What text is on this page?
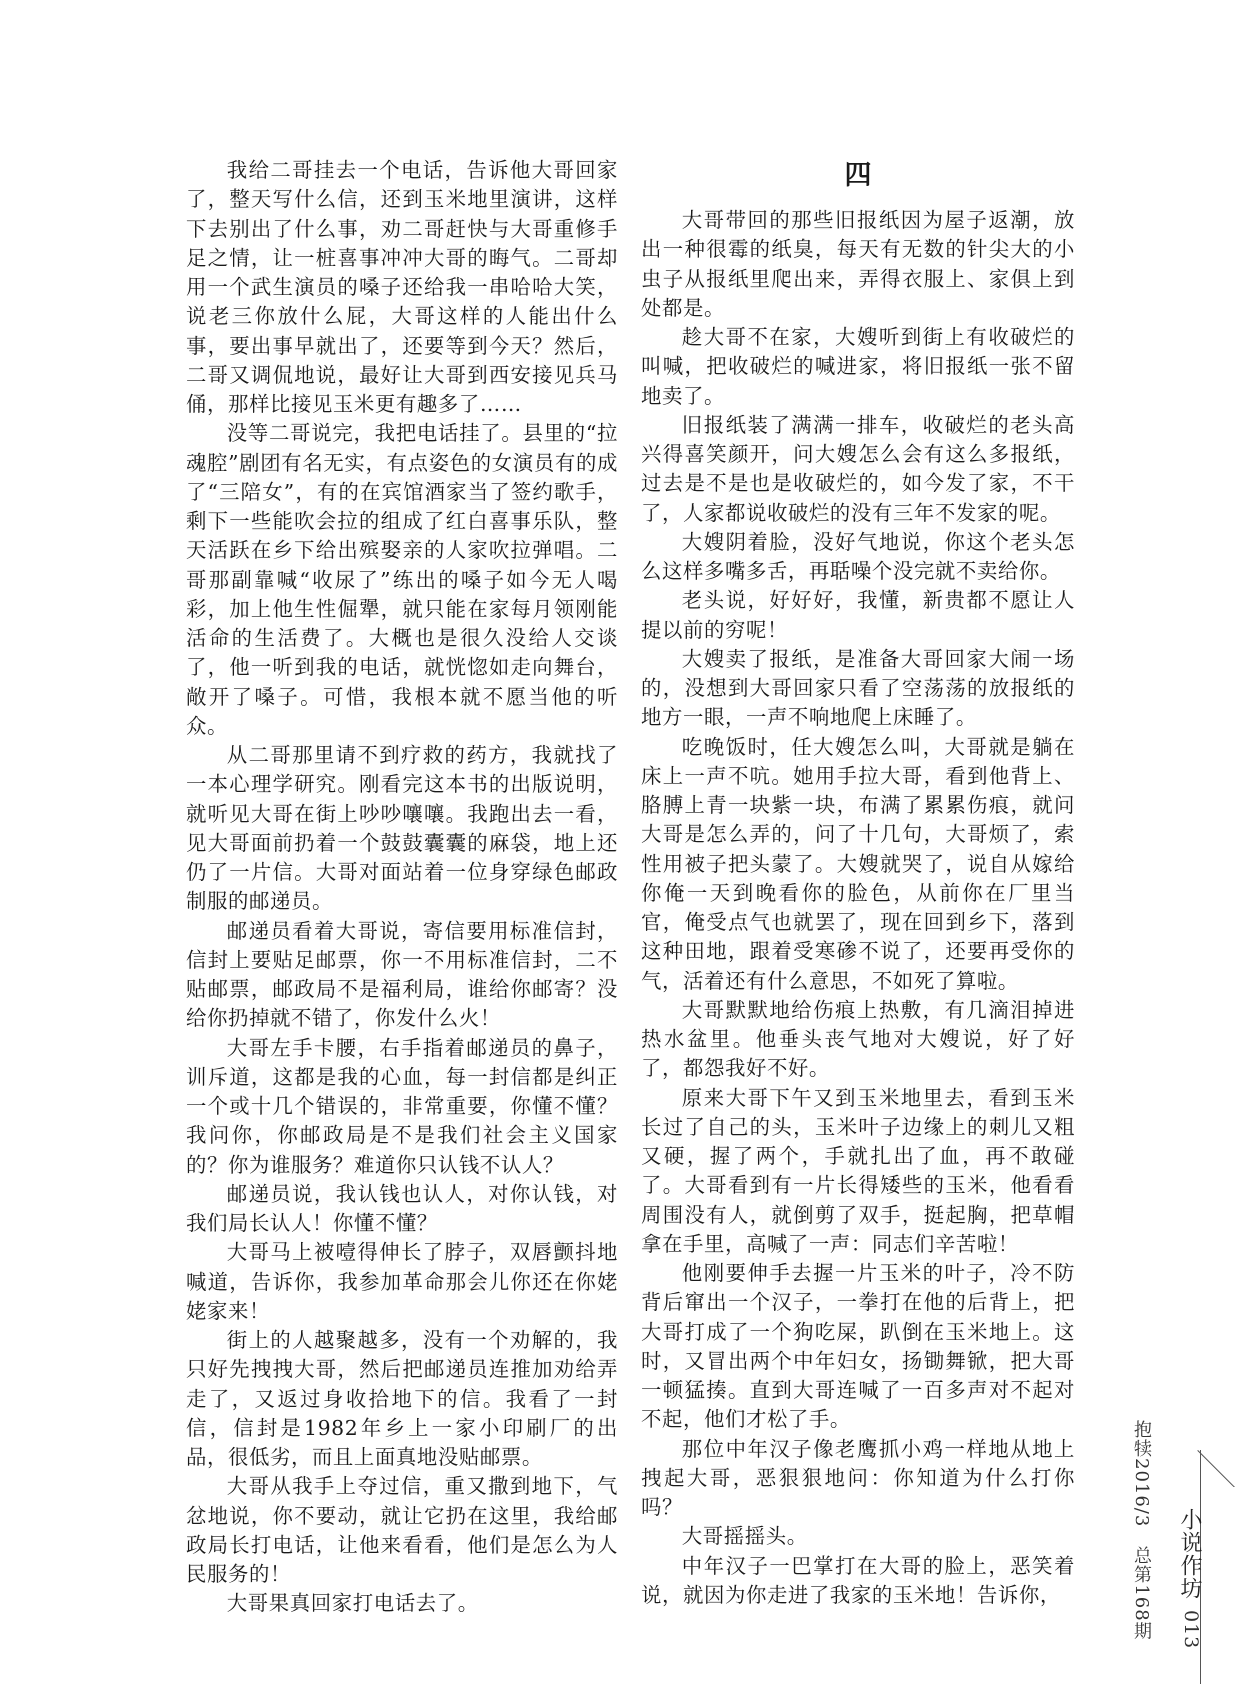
我给二哥挂去一个电话，告诉他大哥回家了，整天写什么信，还到玉米地里演讲，这样下去别出了什么事，劝二哥赶快与大哥重修手足之情，让一桩喜事冲冲大哥的晦气。二哥却用一个武生演员的嗓子还给我一串哈哈大笑，说老三你放什么屁，大哥这样的人能出什么事，要出事早就出了，还要等到今天？然后，二哥又调侃地说，最好让大哥到西安接见兵马俑，那样比接见玉米更有趣多了……

没等二哥说完，我把电话挂了。县里的“拉魂腔”剧团有名无实，有点姿色的女演员有的成了“三陪女”，有的在宾馆酒家当了签约歌手，剩下一些能吹会拉的组成了红白喜事乐队，整天活跃在乡下给出殡娶亲的人家吹拉弹唱。二哥那副靠喊“收尿了”练出的嗓子如今无人喝彩，加上他生性倔犟，就只能在家每月领刚能活命的生活费了。大概也是很久没给人交谈了，他一听到我的电话，就恍惚如走向舞台，敞开了嗓子。可惜，我根本就不愿当他的听众。

从二哥那里请不到疗救的药方，我就找了一本心理学研究。刚看完这本书的出版说明，就听见大哥在街上吵吵嚷嚷。我跑出去一看，见大哥面前扔着一个鼓鼓囊囊的麻袋，地上还仍了一片信。大哥对面站着一位身穿绿色邮政制服的邮递员。

邮递员看着大哥说，寄信要用标准信封，信封上要贴足邮票，你一不用标准信封，二不贴邮票，邮政局不是福利局，谁给你邮寄？没给你扔掉就不错了，你发什么火！

大哥左手卡腰，右手指着邮递员的鼻子，训斥道，这都是我的心血，每一封信都是纠正一个或十几个错误的，非常重要，你懂不懂？我问你，你邮政局是不是我们社会主义国家的？你为谁服务？难道你只认钱不认人？

邮递员说，我认钱也认人，对你认钱，对我们局长认人！你懂不懂？

大哥马上被噎得伸长了脖子，双唇颤抖地喊道，告诉你，我参加革命那会儿你还在你姥姥家来！

街上的人越聚越多，没有一个劝解的，我只好先拽拽大哥，然后把邮递员连推加劝给弄走了，又返过身收拾地下的信。我看了一封信，信封是1982年乡上一家小印刷厂的出品，很低劣，而且上面真地没贴邮票。

大哥从我手上夺过信，重又撒到地下，气忿地说，你不要动，就让它扔在这里，我给邮政局长打电话，让他来看看，他们是怎么为人民服务的！

大哥果真回家打电话去了。

四

大哥带回的那些旧报纸因为屋子返潮，放出一种很霉的纸臭，每天有无数的针尖大的小虫子从报纸里爬出来，弄得衣服上、家俱上到处都是。

趁大哥不在家，大嫂听到街上有收破烂的叫喊，把收破烂的喊进家，将旧报纸一张不留地卖了。

旧报纸装了满满一排车，收破烂的老头高兴得喜笑颜开，问大嫂怎么会有这么多报纸，过去是不是也是收破烂的，如今发了家，不干了，人家都说收破烂的没有三年不发家的呢。

大嫂阴着脸，没好气地说，你这个老头怎么这样多嘴多舌，再聒噪个没完就不卖给你。

老头说，好好好，我懂，新贵都不愿让人提以前的穷呢！

大嫂卖了报纸，是准备大哥回家大闹一场的，没想到大哥回家只看了空荡荡的放报纸的地方一眼，一声不响地爬上床睡了。

吃晚饭时，任大嫂怎么叫，大哥就是躺在床上一声不吭。她用手拉大哥，看到他背上、胳膊上青一块紫一块，布满了累累伤痕，就问大哥是怎么弄的，问了十几句，大哥烦了，索性用被子把头蒙了。大嫂就哭了，说自从嫁给你俺一天到晚看你的脸色，从前你在厂里当官，俺受点气也就罢了，现在回到乡下，落到这种田地，跟着受寒碜不说了，还要再受你的气，活着还有什么意思，不如死了算啦。

大哥默默地给伤痕上热敷，有几滴泪掉进热水盆里。他垂头丧气地对大嫂说，好了好了，都怨我好不好。

原来大哥下午又到玉米地里去，看到玉米长过了自己的头，玉米叶子边缘上的刺儿又粗又硬，握了两个，手就扎出了血，再不敢碰了。大哥看到有一片长得矮些的玉米，他看看周围没有人，就倒剪了双手，挺起胸，把草帽拿在手里，高喊了一声：同志们辛苦啦！

他刚要伸手去握一片玉米的叶子，冷不防背后窜出一个汉子，一拳打在他的后背上，把大哥打成了一个狗吃屎，趴倒在玉米地上。这时，又冒出两个中年妇女，扬锄舞锨，把大哥一顿猛揍。直到大哥连喊了一百多声对不起对不起，他们才松了手。

那位中年汉子像老鹰抓小鸡一样地从地上拽起大哥，恶狠狠地问：你知道为什么打你吗？

大哥摇摇头。

中年汉子一巴掌打在大哥的脸上，恶笑着说，就因为你走进了我家的玉米地！告诉你，	抱犊2016/3　总第168期	小说作坊
013
